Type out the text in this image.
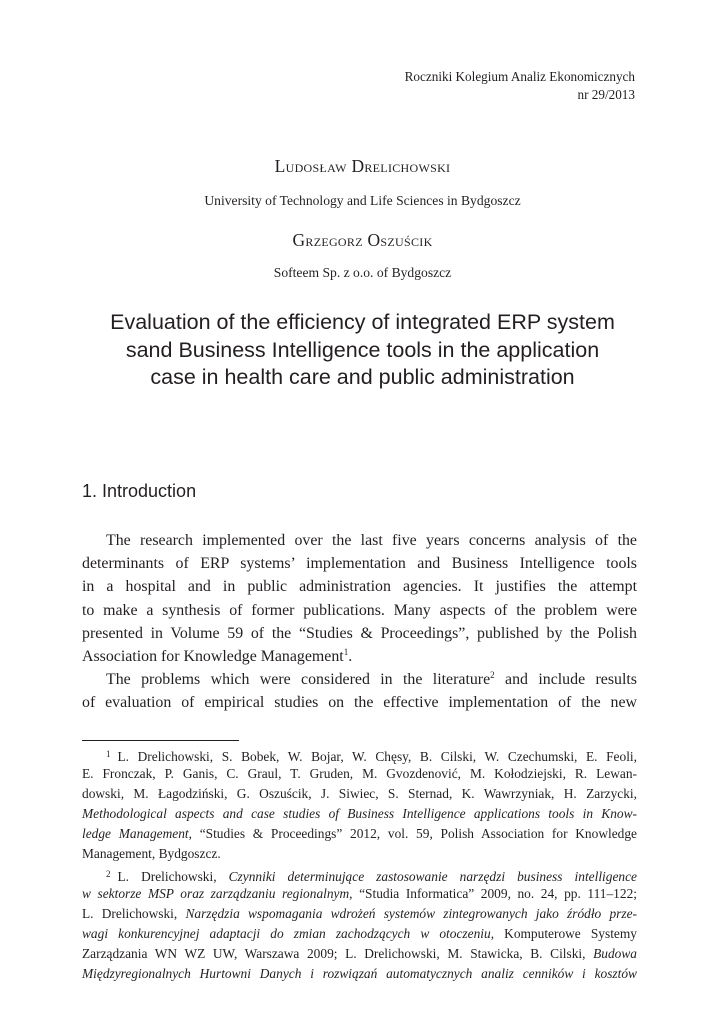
Roczniki Kolegium Analiz Ekonomicznych
nr 29/2013
Ludosław Drelichowski
University of Technology and Life Sciences in Bydgoszcz
Grzegorz Oszuścik
Softeem Sp. z o.o. of Bydgoszcz
Evaluation of the efficiency of integrated ERP system
sand Business Intelligence tools in the application
case in health care and public administration
1. Introduction
The research implemented over the last five years concerns analysis of the
determinants of ERP systems’ implementation and Business Intelligence tools
in a hospital and in public administration agencies. It justifies the attempt
to make a synthesis of former publications. Many aspects of the problem were
presented in Volume 59 of the “Studies & Proceedings”, published by the Polish
Association for Knowledge Management$^1$.
The problems which were considered in the literature$^2$ and include results
of evaluation of empirical studies on the effective implementation of the new
$^1$ L. Drelichowski, S. Bobek, W. Bojar, W. Chęsy, B. Cilski, W. Czechumski, E. Feoli,
E. Fronczak, P. Ganis, C. Graul, T. Gruden, M. Gvozdenović, M. Kołodziejski, R. Lewan-
dowski, M. Łagodziński, G. Oszuścik, J. Siwiec, S. Sternad, K. Wawrzyniak, H. Zarzycki,
Methodological aspects and case studies of Business Intelligence applications tools in Know-
ledge Management, “Studies & Proceedings” 2012, vol. 59, Polish Association for Knowledge
Management, Bydgoszcz.
$^2$ L. Drelichowski, Czynniki determinujące zastosowanie narzędzi business intelligence
w sektorze MSP oraz zarządzaniu regionalnym, “Studia Informatica” 2009, no. 24, pp. 111–122;
L. Drelichowski, Narzędzia wspomagania wdrożeń systemów zintegrowanych jako źródło prze-
wagi konkurencyjnej adaptacji do zmian zachodzących w otoczeniu, Komputerowe Systemy
Zarządzania WN WZ UW, Warszawa 2009; L. Drelichowski, M. Stawicka, B. Cilski, Budowa
Międzyregionalnych Hurtowni Danych i rozwiązań automatycznych analiz cenników i kosztów
